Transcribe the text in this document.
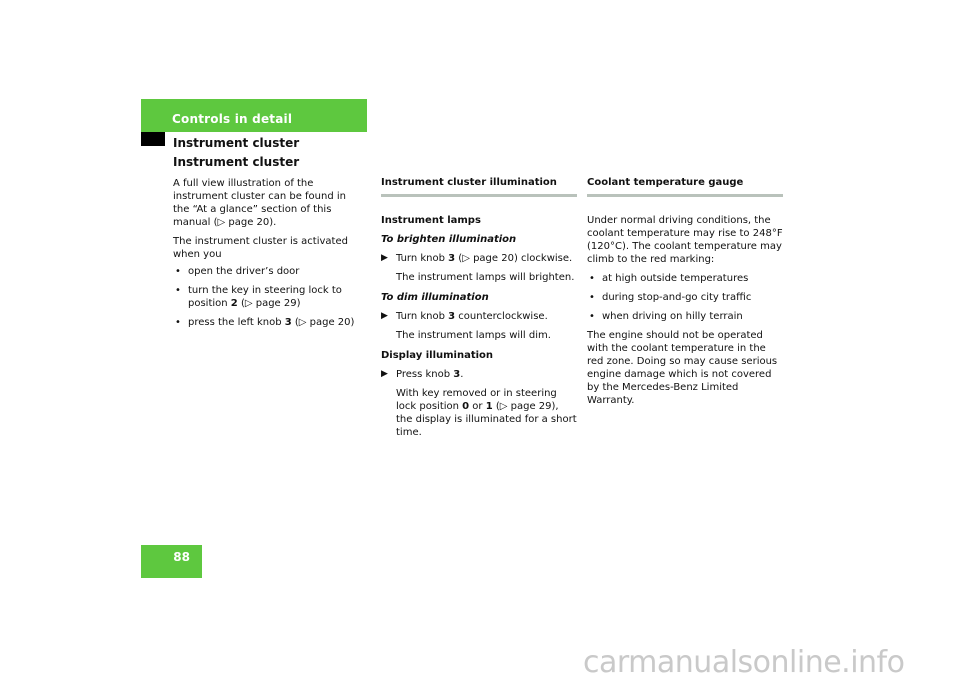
Controls in detail
Instrument cluster
Instrument cluster

A full view illustration of the instrument cluster can be found in the “At a glance” section of this manual (▷ page 20).

The instrument cluster is activated when you

• open the driver’s door
• turn the key in steering lock to position 2 (▷ page 29)
• press the left knob 3 (▷ page 20)
Instrument cluster illumination

Instrument lamps

To brighten illumination

▶ Turn knob 3 (▷ page 20) clockwise.
The instrument lamps will brighten.

To dim illumination

▶ Turn knob 3 counterclockwise.
The instrument lamps will dim.

Display illumination

▶ Press knob 3.
With key removed or in steering lock position 0 or 1 (▷ page 29), the display is illuminated for a short time.
Coolant temperature gauge

Under normal driving conditions, the coolant temperature may rise to 248°F (120°C). The coolant temperature may climb to the red marking:

• at high outside temperatures
• during stop-and-go city traffic
• when driving on hilly terrain

The engine should not be operated with the coolant temperature in the red zone. Doing so may cause serious engine damage which is not covered by the Mercedes-Benz Limited Warranty.

88
carmanualsonline.info
